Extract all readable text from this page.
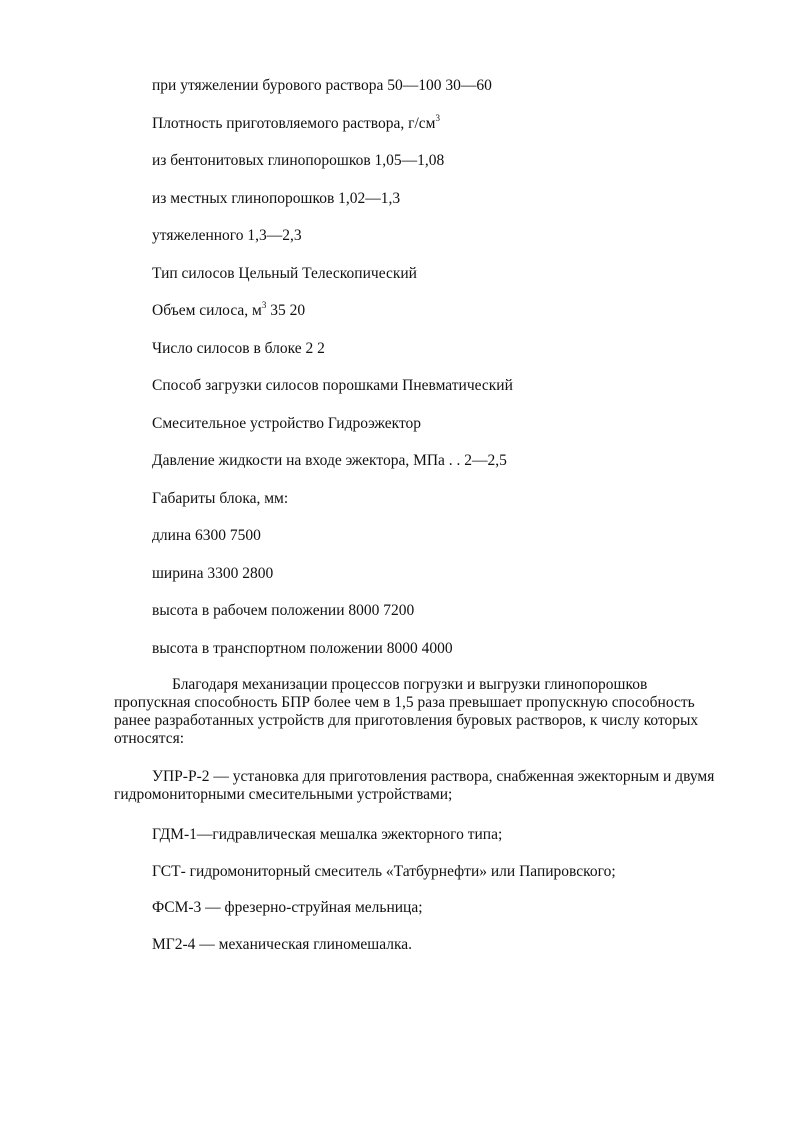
при утяжелении бурового раствора 50—100 30—60
Плотность приготовляемого раствора, $г/см^3$
из бентонитовых глинопорошков 1,05—1,08
из местных глинопорошков 1,02—1,3
утяжеленного 1,3—2,3
Тип силосов Цельный Телескопический
Объем силоса, $м^3$ 35 20
Число силосов в блоке 2 2
Способ загрузки силосов порошками Пневматический
Смесительное устройство Гидроэжектор
Давление жидкости на входе эжектора, МПа . . 2—2,5
Габариты блока, мм:
длина 6300 7500
ширина 3300 2800
высота в рабочем положении 8000 7200
высота в транспортном положении 8000 4000

Благодаря механизации процессов погрузки и выгрузки глинопорошков
пропускная способность БПР более чем в 1,5 раза превышает пропускную способность
ранее разработанных устройств для приготовления буровых растворов, к числу которых
относятся:

УПР-Р-2 — установка для приготовления раствора, снабженная эжекторным и двумя
гидромониторными смесительными устройствами;

ГДМ-1—гидравлическая мешалка эжекторного типа;
ГСТ- гидромониторный смеситель «Татбурнефти» или Папировского;
ФСМ-3 — фрезерно-струйная мельница;
МГ2-4 — механическая глиномешалка.
